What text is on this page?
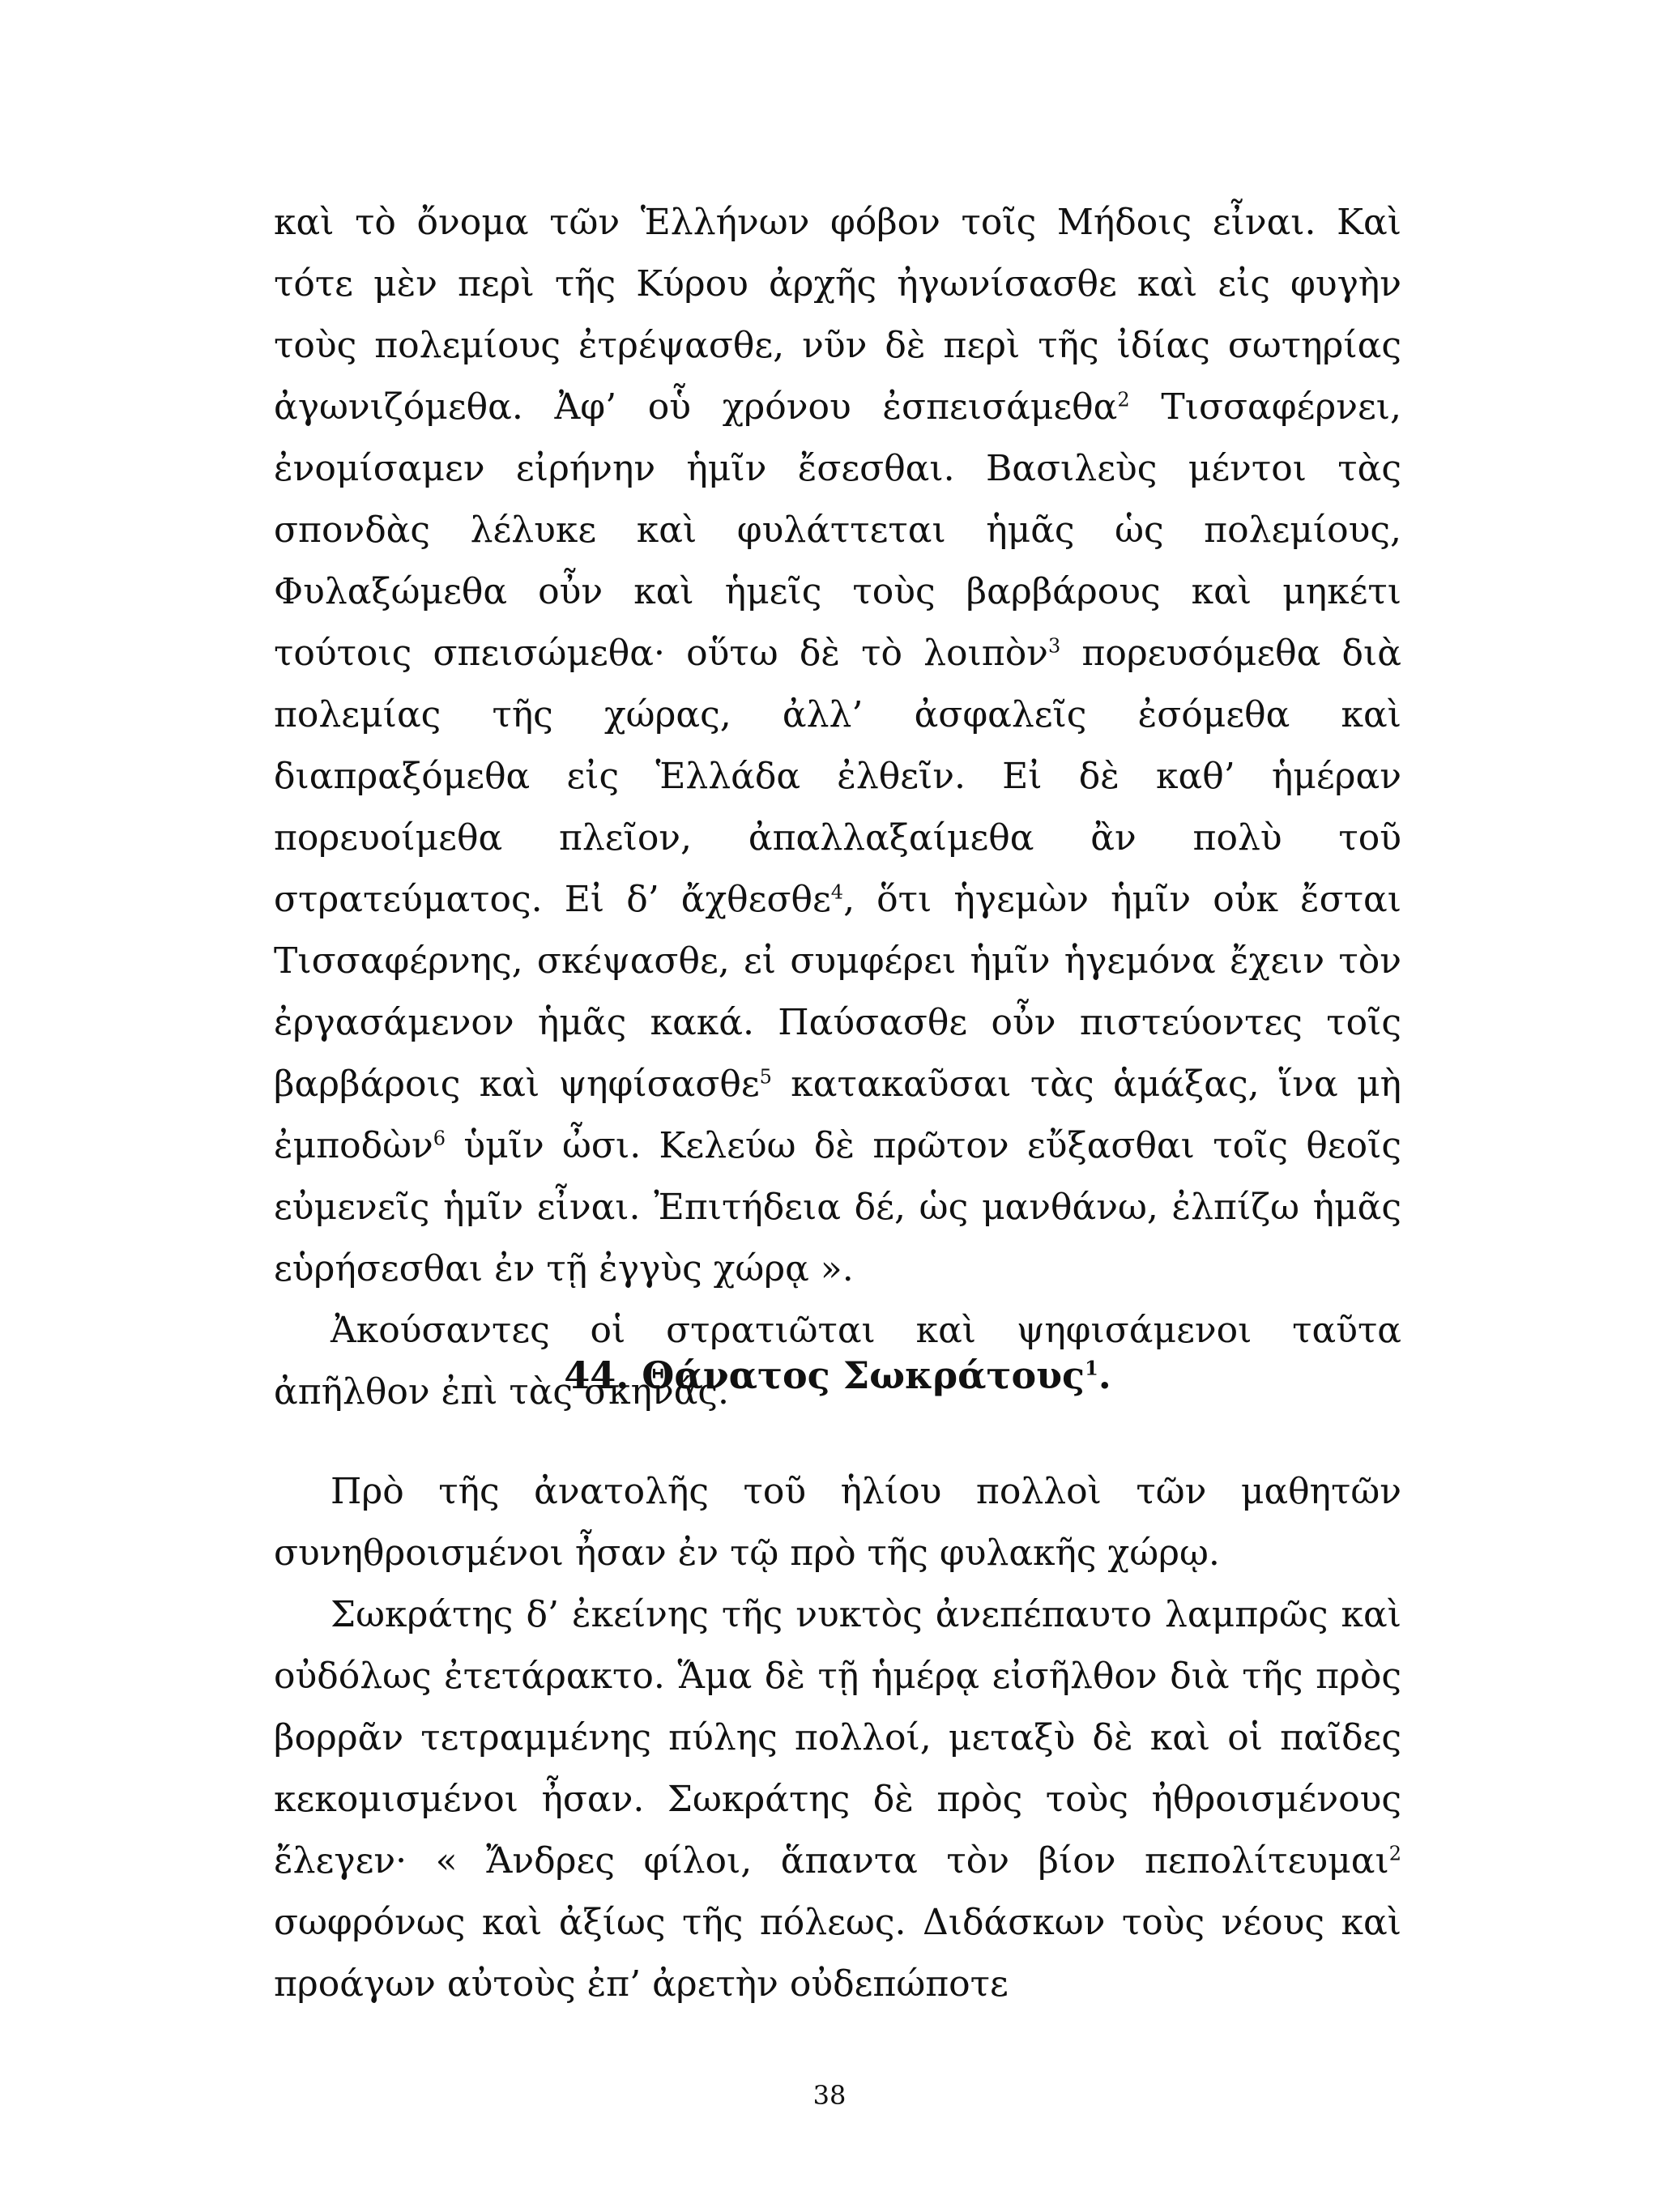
καὶ τὸ ὄνομα τῶν Ἑλλήνων φόβον τοῖς Μήδοις εἶναι. Καὶ τότε μὲν περὶ τῆς Κύρου ἀρχῆς ἠγωνίσασθε καὶ εἰς φυγὴν τοὺς πολεμίους ἐτρέψασθε, νῦν δὲ περὶ τῆς ἰδίας σωτηρίας ἀγωνιζόμεθα. Ἀφ’ οὗ χρόνου ἐσπεισάμεθα$^2$ Τισσαφέρνει, ἐνομίσαμεν εἰρήνην ἡμῖν ἔσεσθαι. Βασιλεὺς μέντοι τὰς σπονδὰς λέλυκε καὶ φυλάττεται ἡμᾶς ὡς πολεμίους, Φυλαξώμεθα οὖν καὶ ἡμεῖς τοὺς βαρβάρους καὶ μηκέτι τούτοις σπεισώμεθα· οὕτω δὲ τὸ λοιπὸν$^3$ πορευσόμεθα διὰ πολεμίας τῆς χώρας, ἀλλ’ ἀσφαλεῖς ἐσόμεθα καὶ διαπραξόμεθα εἰς Ἑλλάδα ἐλθεῖν. Εἰ δὲ καθ’ ἡμέραν πορευοίμεθα πλεῖον, ἀπαλλαξαίμεθα ἂν πολὺ τοῦ στρατεύματος. Εἰ δ’ ἄχθεσθε$^4$, ὅτι ἡγεμὼν ἡμῖν οὐκ ἔσται Τισσαφέρνης, σκέψασθε, εἰ συμφέρει ἡμῖν ἡγεμόνα ἔχειν τὸν ἐργασάμενον ἡμᾶς κακά. Παύσασθε οὖν πιστεύοντες τοῖς βαρβάροις καὶ ψηφίσασθε$^5$ κατακαῦσαι τὰς ἁμάξας, ἵνα μὴ ἐμποδὼν$^6$ ὑμῖν ὦσι. Κελεύω δὲ πρῶτον εὔξασθαι τοῖς θεοῖς εὐμενεῖς ἡμῖν εἶναι. Ἐπιτήδεια δέ, ὡς μανθάνω, ἐλπίζω ἡμᾶς εὑρήσεσθαι ἐν τῇ ἐγγὺς χώρᾳ ».

Ἀκούσαντες οἱ στρατιῶται καὶ ψηφισάμενοι ταῦτα ἀπῆλθον ἐπὶ τὰς σκηνάς.

44. Θάνατος Σωκράτους$^1$.

Πρὸ τῆς ἀνατολῆς τοῦ ἡλίου πολλοὶ τῶν μαθητῶν συνηθροισμένοι ἦσαν ἐν τῷ πρὸ τῆς φυλακῆς χώρῳ.

Σωκράτης δ’ ἐκείνης τῆς νυκτὸς ἀνεπέπαυτο λαμπρῶς καὶ οὐδόλως ἐτετάρακτο. Ἅμα δὲ τῇ ἡμέρᾳ εἰσῆλθον διὰ τῆς πρὸς βορρᾶν τετραμμένης πύλης πολλοί, μεταξὺ δὲ καὶ οἱ παῖδες κεκομισμένοι ἦσαν. Σωκράτης δὲ πρὸς τοὺς ἠθροισμένους ἔλεγεν· « Ἄνδρες φίλοι, ἅπαντα τὸν βίον πεπολίτευμαι$^2$ σωφρόνως καὶ ἀξίως τῆς πόλεως. Διδάσκων τοὺς νέους καὶ προάγων αὐτοὺς ἐπ’ ἀρετὴν οὐδεπώποτε

38
